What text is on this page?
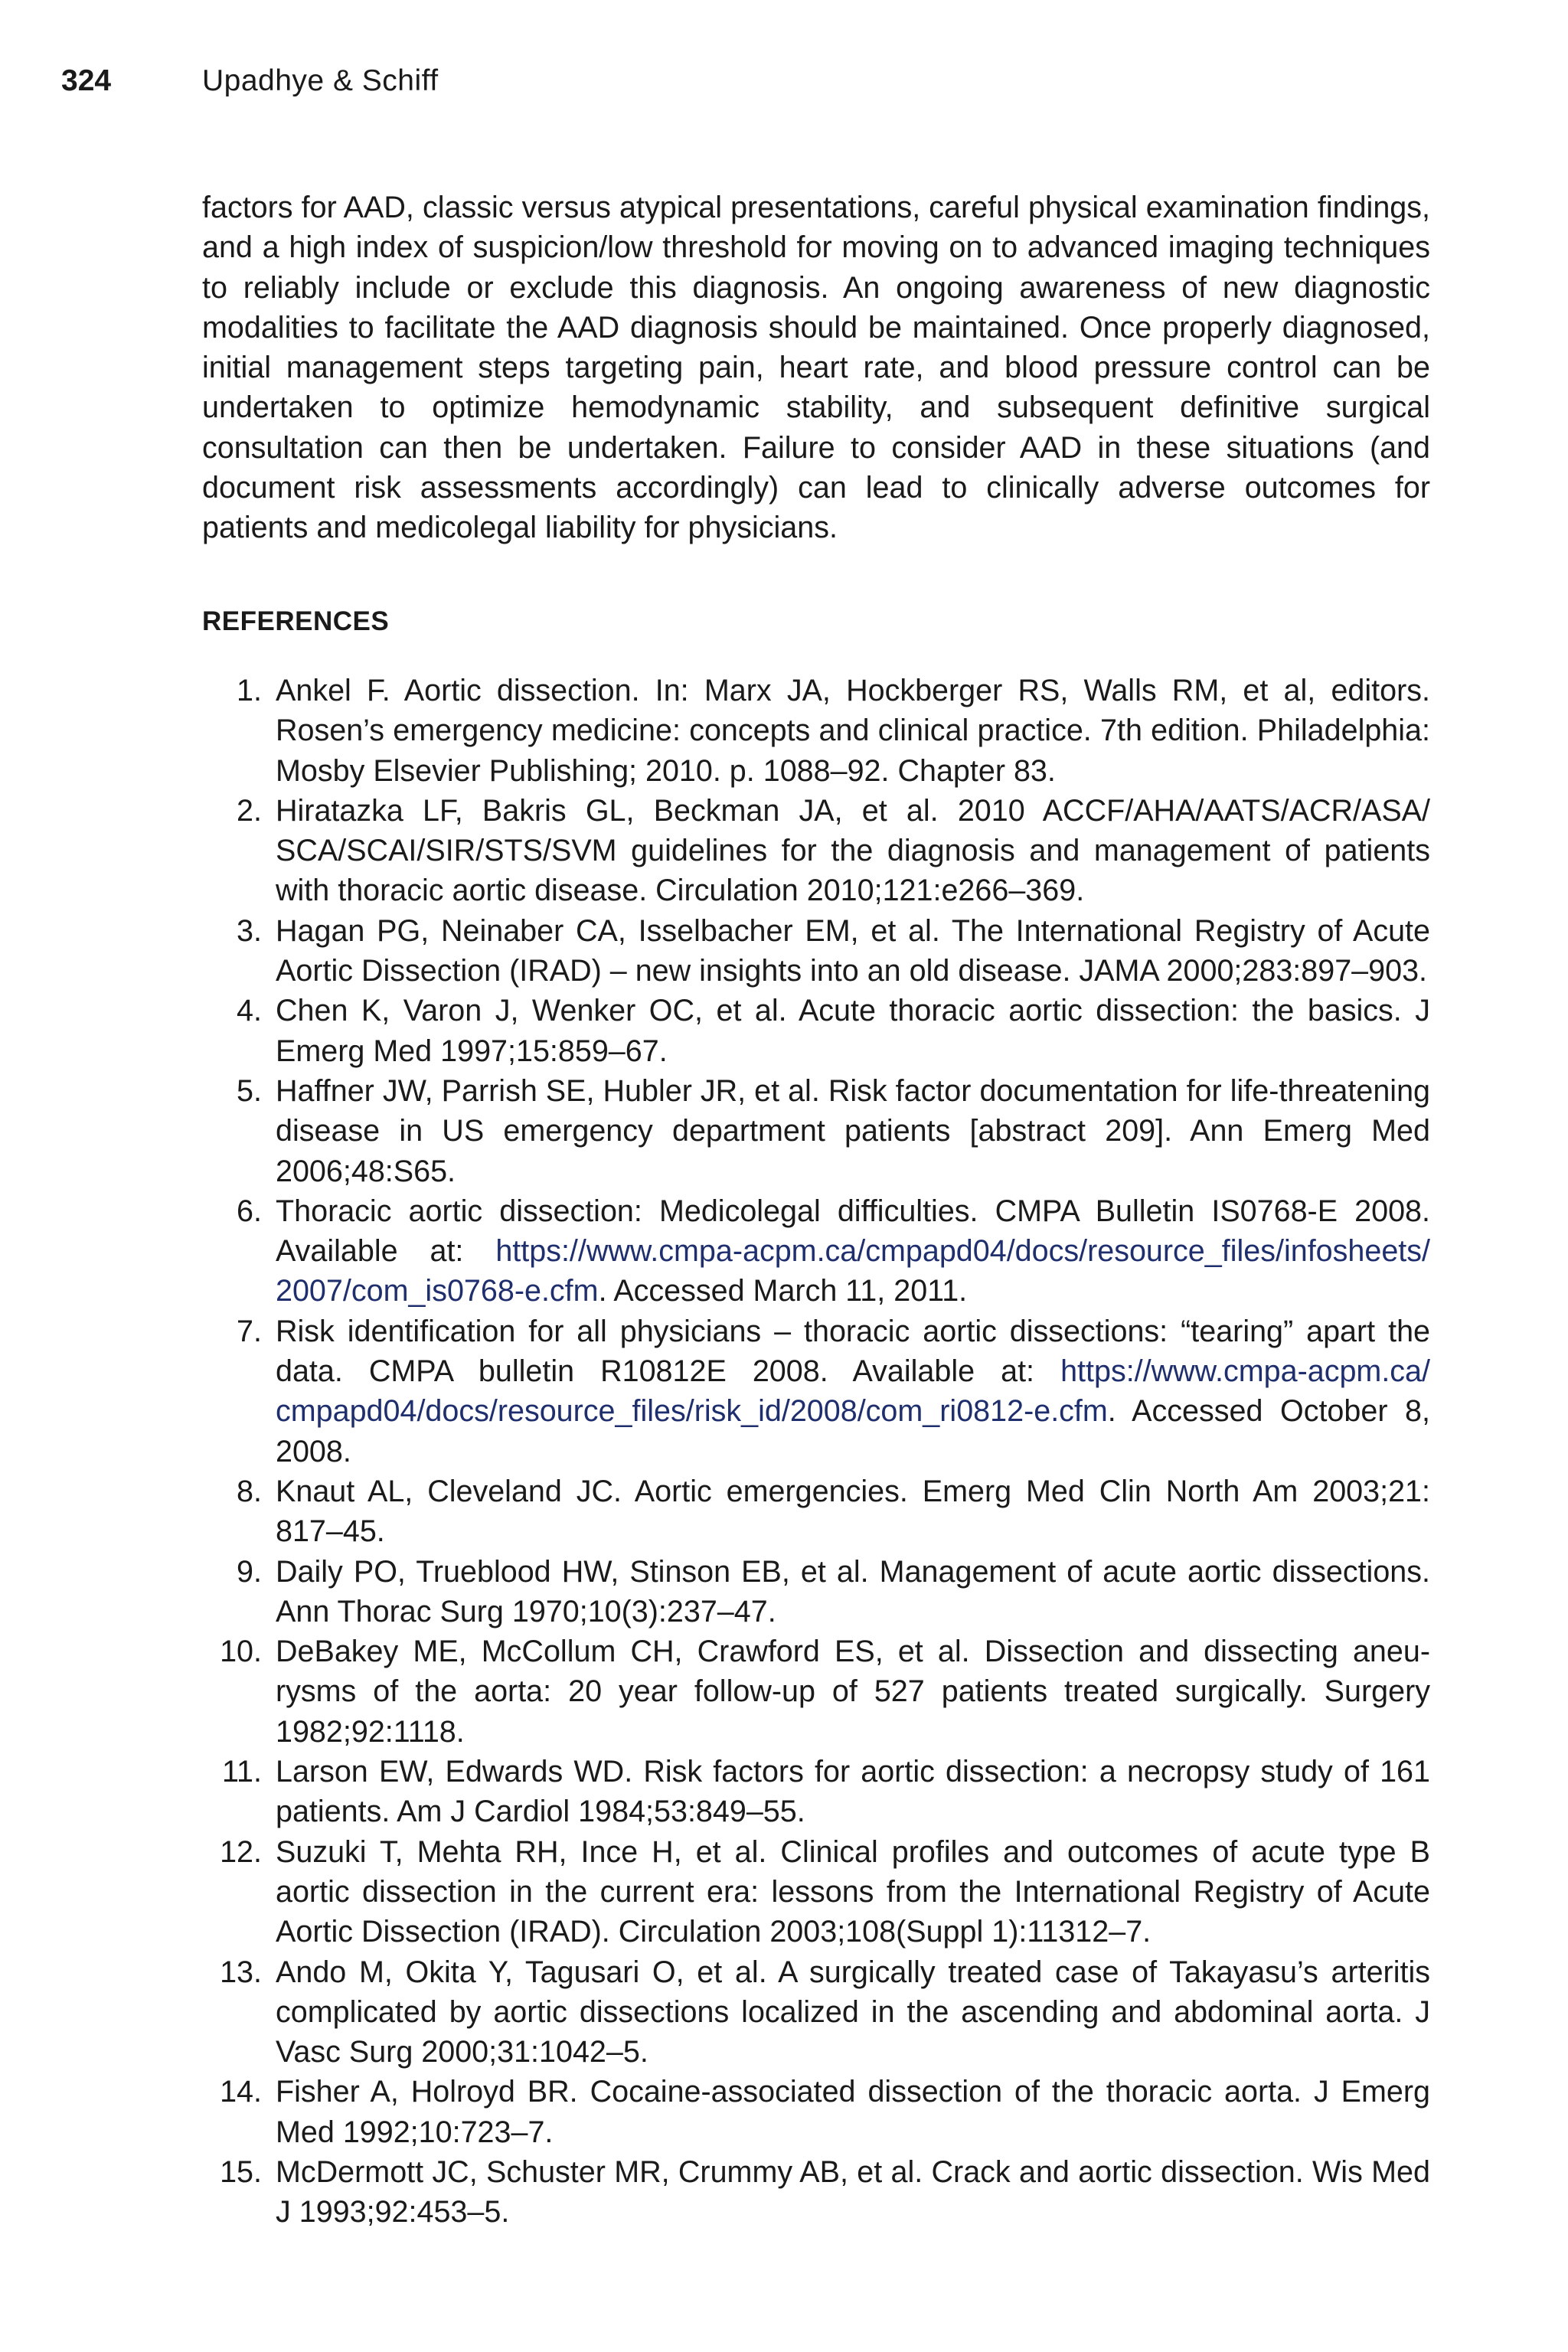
324	Upadhye & Schiff

factors for AAD, classic versus atypical presentations, careful physical examination findings, and a high index of suspicion/low threshold for moving on to advanced imaging techniques to reliably include or exclude this diagnosis. An ongoing awareness of new diagnostic modalities to facilitate the AAD diagnosis should be maintained. Once properly diagnosed, initial management steps targeting pain, heart rate, and blood pressure control can be undertaken to optimize hemodynamic stability, and subsequent definitive surgical consultation can then be undertaken. Failure to consider AAD in these situations (and document risk assessments accordingly) can lead to clinically adverse outcomes for patients and medicolegal liability for physicians.

REFERENCES
1. Ankel F. Aortic dissection. In: Marx JA, Hockberger RS, Walls RM, et al, editors. Rosen’s emergency medicine: concepts and clinical practice. 7th edition. Philadelphia: Mosby Elsevier Publishing; 2010. p. 1088–92. Chapter 83.
2. Hiratazka LF, Bakris GL, Beckman JA, et al. 2010 ACCF/AHA/AATS/ACR/ASA/ SCA/SCAI/SIR/STS/SVM guidelines for the diagnosis and management of patients with thoracic aortic disease. Circulation 2010;121:e266–369.
3. Hagan PG, Neinaber CA, Isselbacher EM, et al. The International Registry of Acute Aortic Dissection (IRAD) – new insights into an old disease. JAMA 2000;283:897–903.
4. Chen K, Varon J, Wenker OC, et al. Acute thoracic aortic dissection: the basics. J Emerg Med 1997;15:859–67.
5. Haffner JW, Parrish SE, Hubler JR, et al. Risk factor documentation for life-threatening disease in US emergency department patients [abstract 209]. Ann Emerg Med 2006;48:S65.
6. Thoracic aortic dissection: Medicolegal difficulties. CMPA Bulletin IS0768-E 2008. Available at: https://www.cmpa-acpm.ca/cmpapd04/docs/resource_files/infosheets/ 2007/com_is0768-e.cfm. Accessed March 11, 2011.
7. Risk identification for all physicians – thoracic aortic dissections: “tearing” apart the data. CMPA bulletin R10812E 2008. Available at: https://www.cmpa-acpm.ca/ cmpapd04/docs/resource_files/risk_id/2008/com_ri0812-e.cfm. Accessed October 8, 2008.
8. Knaut AL, Cleveland JC. Aortic emergencies. Emerg Med Clin North Am 2003;21: 817–45.
9. Daily PO, Trueblood HW, Stinson EB, et al. Management of acute aortic dissections. Ann Thorac Surg 1970;10(3):237–47.
10. DeBakey ME, McCollum CH, Crawford ES, et al. Dissection and dissecting aneurysms of the aorta: 20 year follow-up of 527 patients treated surgically. Surgery 1982;92:1118.
11. Larson EW, Edwards WD. Risk factors for aortic dissection: a necropsy study of 161 patients. Am J Cardiol 1984;53:849–55.
12. Suzuki T, Mehta RH, Ince H, et al. Clinical profiles and outcomes of acute type B aortic dissection in the current era: lessons from the International Registry of Acute Aortic Dissection (IRAD). Circulation 2003;108(Suppl 1):11312–7.
13. Ando M, Okita Y, Tagusari O, et al. A surgically treated case of Takayasu’s arteritis complicated by aortic dissections localized in the ascending and abdominal aorta. J Vasc Surg 2000;31:1042–5.
14. Fisher A, Holroyd BR. Cocaine-associated dissection of the thoracic aorta. J Emerg Med 1992;10:723–7.
15. McDermott JC, Schuster MR, Crummy AB, et al. Crack and aortic dissection. Wis Med J 1993;92:453–5.
